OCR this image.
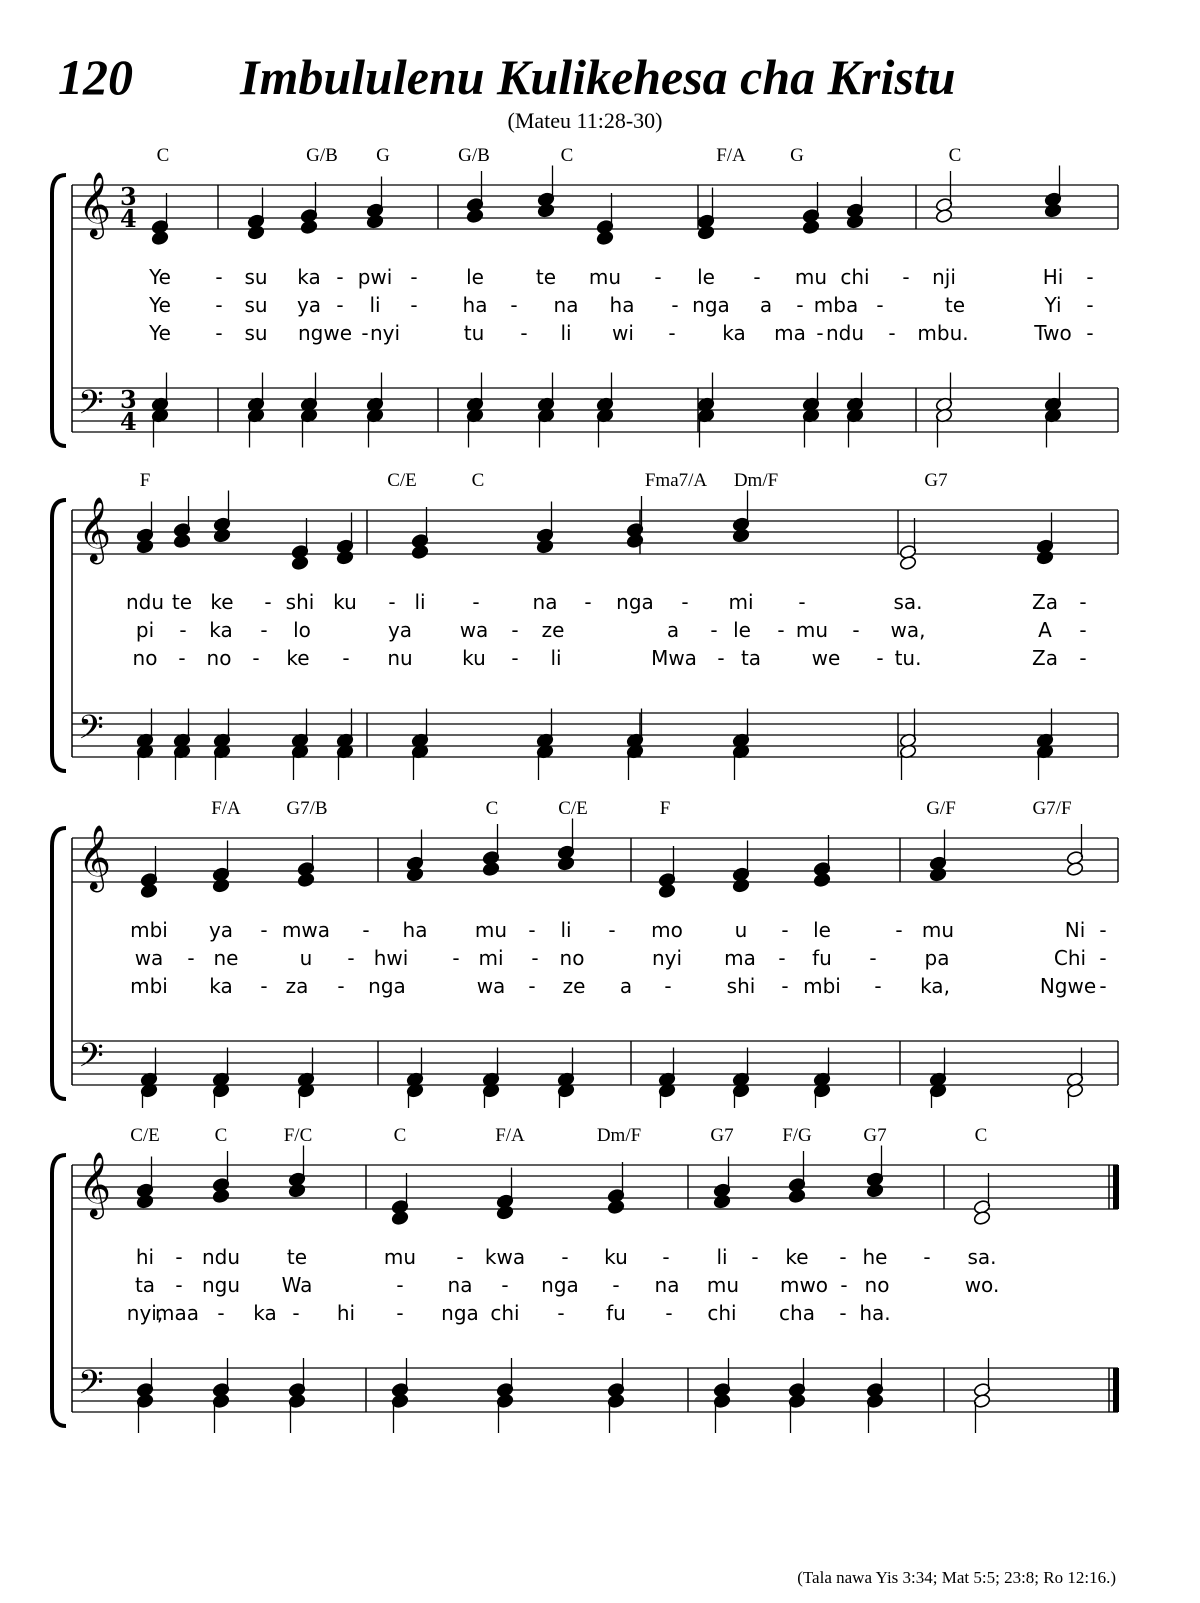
120 Imbululenu Kulikehesa cha Kristu
(Mateu 11:28-30)
𝄞 3
4
𝄢 3
4
C	G/B G	G/B	C	F/A G	C
Ye - su ka - pwi - le	te mu - le - mu chi - nji	Hi -
Ye - su ya - li - ha - na ha - nga a - mba -	te	Yi -
Ye - su ngwe - nyi	tu - li wi - ka ma - ndu - mbu.	Two -
𝄞
𝄢
F	C/E	C	Fma7/A Dm/F	G7
ndu te ke - shi ku - li -	na - nga - mi -	sa.	Za -
pi - ka - lo	ya wa - ze	a - le - mu - wa,	A -
no - no - ke - nu ku - li	Mwa - ta	we - tu.	Za -
𝄞
𝄢
F/A G7/B	C	C/E	F	G/F	G7/F
mbi ya - mwa - ha mu - li - mo	u - le	- mu	Ni -
wa - ne	u - hwi - mi - no	nyi ma - fu - pa	Chi -
mbi ka - za - nga	wa - ze a -	shi - mbi - ka,	Ngwe -
𝄞
𝄢
C/E	C	F/C	C	F/A	Dm/F	G7	F/G	G7	C
hi - ndu te	mu - kwa - ku - li - ke - he - sa.
ta - ngu Wa	- na - nga - na mu mwo - no	wo.
nyi,
maa - ka - hi - nga chi - fu - chi cha - ha.
(Tala nawa Yis 3:34; Mat 5:5; 23:8; Ro 12:16.)
